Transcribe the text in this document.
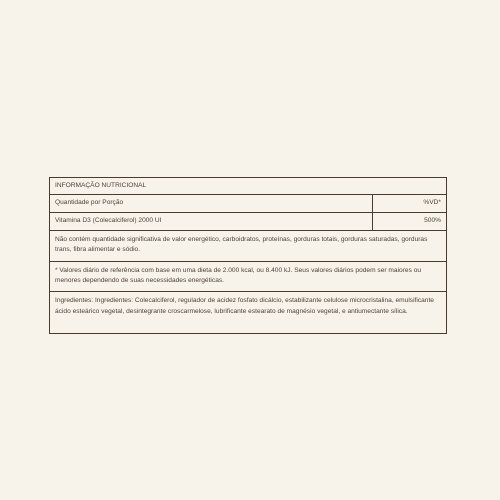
INFORMAÇÃO NUTRICIONAL
Quantidade por Porção	%VD*
Vitamina D3 (Colecalciferol) 2000 UI	500%
Não contém quantidade significativa de valor energético, carboidratos, proteínas, gorduras totais, gorduras saturadas, gorduras trans, fibra alimentar e sódio.
* Valores diário de referência com base em uma dieta de 2.000 kcal, ou 8.400 kJ. Seus valores diários podem ser maiores ou menores dependendo de suas necessidades energéticas.
Ingredientes: Ingredientes: Colecalciferol, regulador de acidez fosfato dicálcio, estabilizante celulose microcristalina, emulsificante ácido esteárico vegetal, desintegrante croscarmelose, lubrificante estearato de magnésio vegetal, e antiumectante sílica.
